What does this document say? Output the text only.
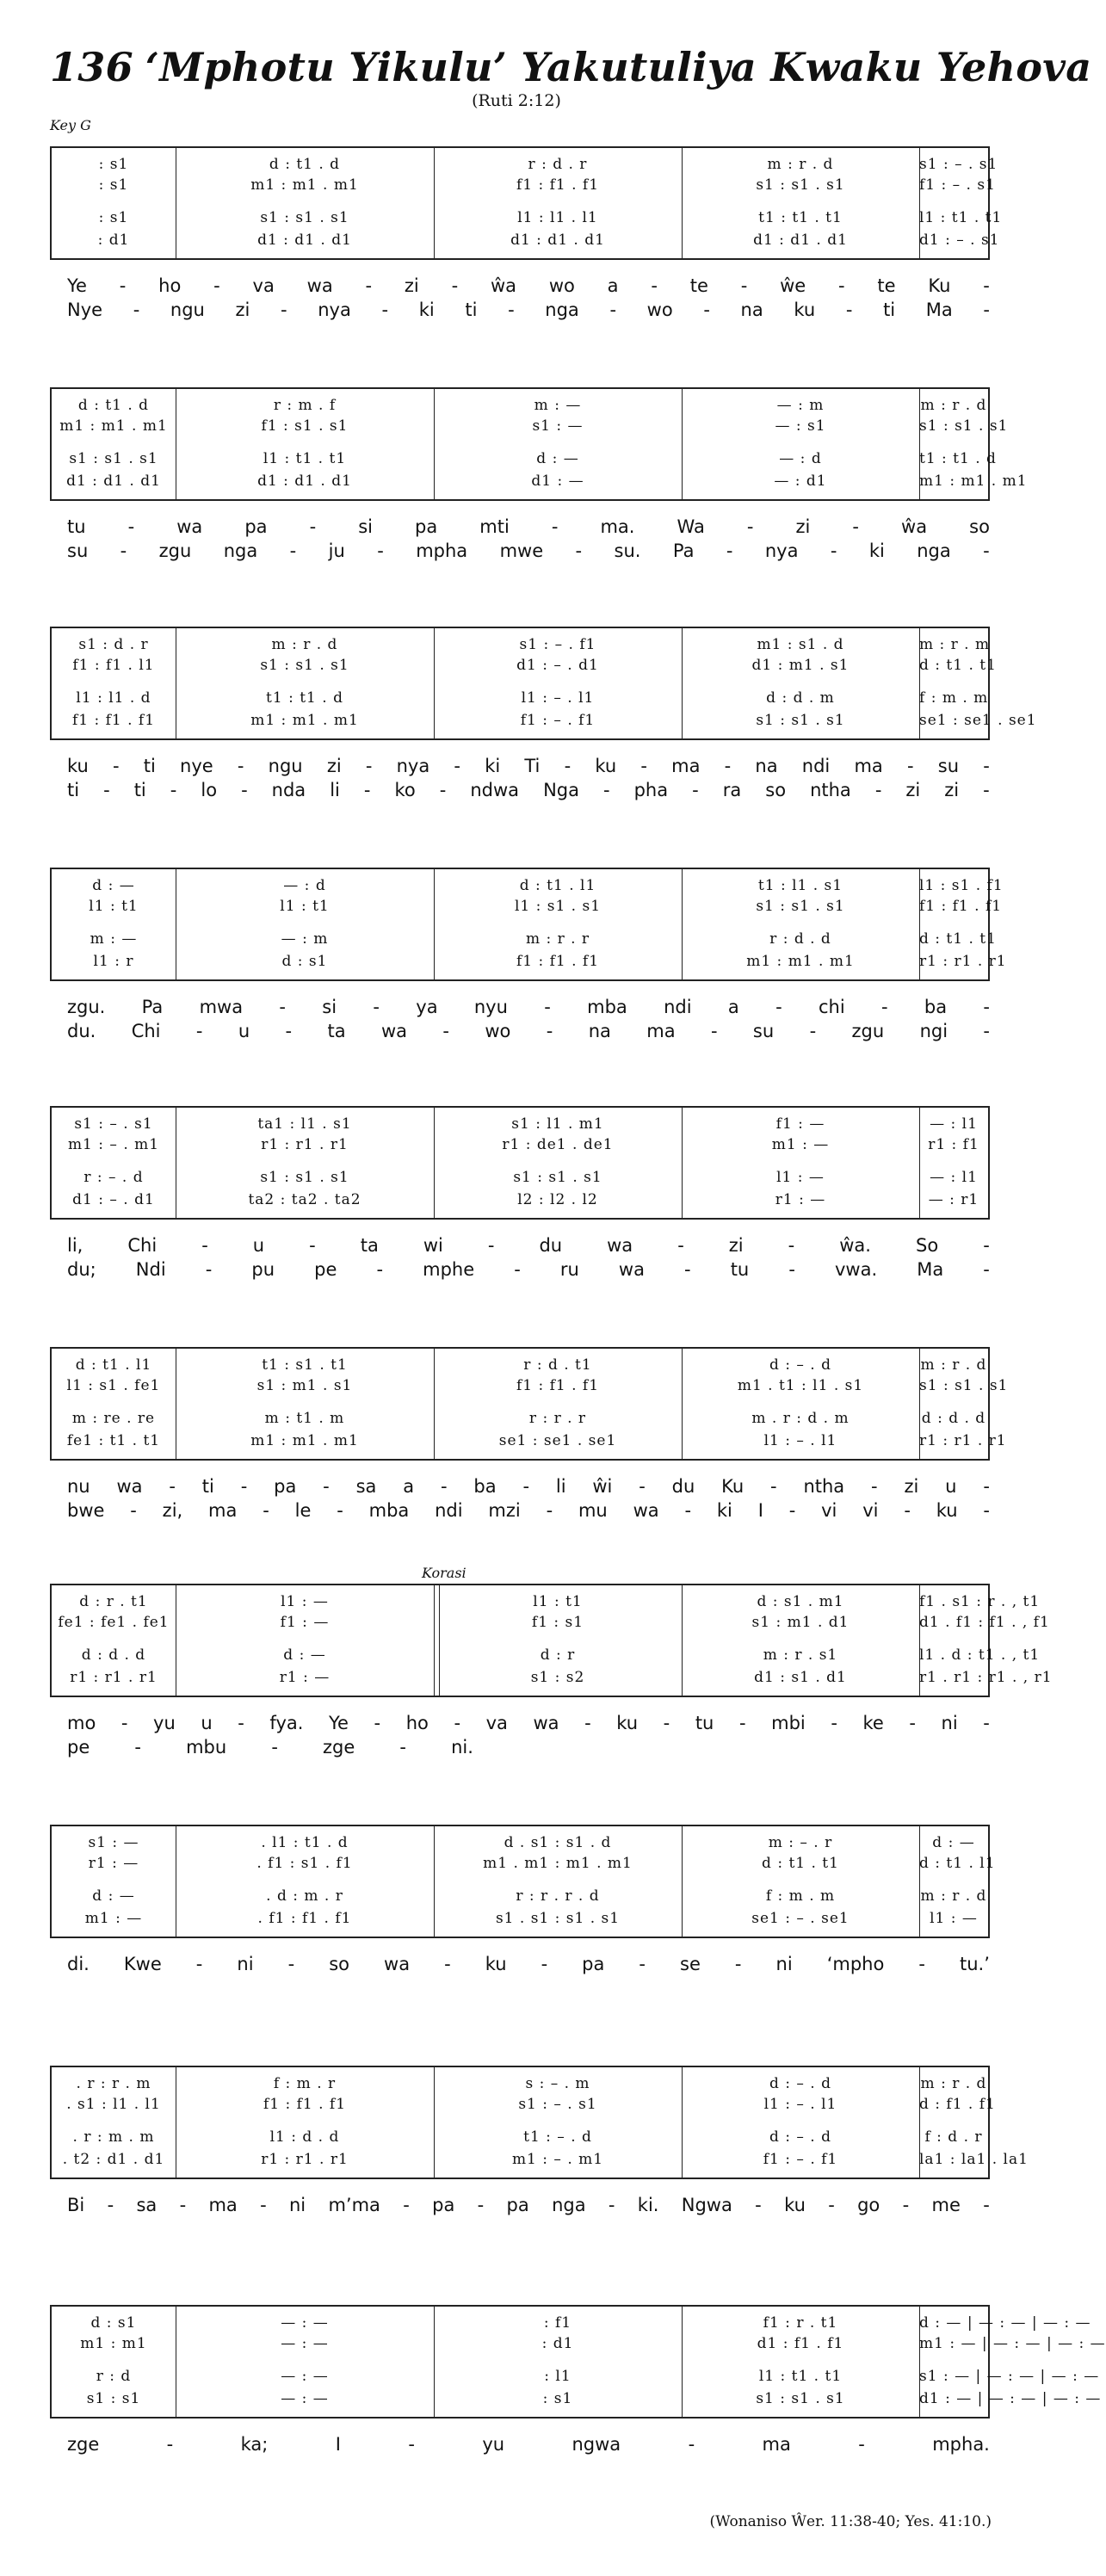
136 ‘Mphotu Yikulu’ Yakutuliya Kwaku Yehova
(Ruti 2:12)
Key G
Korasi
: s1	d : t1 . d	r : d . r	m : r . d	s1 : – . s1
: s1	m1 : m1 . m1	f1 : f1 . f1	s1 : s1 . s1	f1 : – . s1
: s1	s1 : s1 . s1	l1 : l1 . l1	t1 : t1 . t1	l1 : t1 . t1
: d1	d1 : d1 . d1	d1 : d1 . d1	d1 : d1 . d1	d1 : – . s1
Ye - ho - va wa - zi - ŵa wo a - te - ŵe - te Ku -
Nye - ngu zi - nya - ki ti - nga - wo - na ku - ti Ma -
d : t1 . d	r : m . f	m : —	— : m	m : r . d
m1 : m1 . m1	f1 : s1 . s1	s1 : —	— : s1	s1 : s1 . s1
s1 : s1 . s1	l1 : t1 . t1	d : —	— : d	t1 : t1 . d
d1 : d1 . d1	d1 : d1 . d1	d1 : —	— : d1	m1 : m1 . m1
tu - wa pa - si pa mti - ma. Wa - zi - ŵa so
su - zgu nga - ju - mpha mwe - su. Pa - nya - ki nga -
s1 : d . r	m : r . d	s1 : – . f1	m1 : s1 . d	m : r . m
f1 : f1 . l1	s1 : s1 . s1	d1 : – . d1	d1 : m1 . s1	d : t1 . t1
l1 : l1 . d	t1 : t1 . d	l1 : – . l1	d : d . m	f : m . m
f1 : f1 . f1	m1 : m1 . m1	f1 : – . f1	s1 : s1 . s1	se1 : se1 . se1
ku - ti nye - ngu zi - nya - ki Ti - ku - ma - na ndi ma - su -
ti - ti - lo - nda li - ko - ndwa Nga - pha - ra so ntha - zi zi -
d : —	— : d	d : t1 . l1	t1 : l1 . s1	l1 : s1 . f1
l1 : t1	l1 : t1	l1 : s1 . s1	s1 : s1 . s1	f1 : f1 . f1
m : —	— : m	m : r . r	r : d . d	d : t1 . t1
l1 : r	d : s1	f1 : f1 . f1	m1 : m1 . m1	r1 : r1 . r1
zgu. Pa mwa - si - ya nyu - mba ndi a - chi - ba -
du. Chi - u - ta wa - wo - na ma - su - zgu ngi -
s1 : – . s1	ta1 : l1 . s1	s1 : l1 . m1	f1 : —	— : l1
m1 : – . m1	r1 : r1 . r1	r1 : de1 . de1	m1 : —	r1 : f1
r : – . d	s1 : s1 . s1	s1 : s1 . s1	l1 : —	— : l1
d1 : – . d1	ta2 : ta2 . ta2	l2 : l2 . l2	r1 : —	— : r1
li, Chi - u - ta wi - du wa - zi - ŵa. So -
du; Ndi - pu pe - mphe - ru wa - tu - vwa. Ma -
d : t1 . l1	t1 : s1 . t1	r : d . t1	d : – . d	m : r . d
l1 : s1 . fe1	s1 : m1 . s1	f1 : f1 . f1	m1 . t1 : l1 . s1	s1 : s1 . s1
m : re . re	m : t1 . m	r : r . r	m . r : d . m	d : d . d
fe1 : t1 . t1	m1 : m1 . m1	se1 : se1 . se1	l1 : – . l1	r1 : r1 . r1
nu wa - ti - pa - sa a - ba - li ŵi - du Ku - ntha - zi u -
bwe - zi, ma - le - mba ndi mzi - mu wa - ki I - vi vi - ku -
d : r . t1	l1 : —	l1 : t1	d : s1 . m1	f1 . s1 : r . , t1
fe1 : fe1 . fe1	f1 : —	f1 : s1	s1 : m1 . d1	d1 . f1 : f1 . , f1
d : d . d	d : —	d : r	m : r . s1	l1 . d : t1 . , t1
r1 : r1 . r1	r1 : —	s1 : s2	d1 : s1 . d1	r1 . r1 : r1 . , r1
mo - yu u - fya. Ye - ho - va wa - ku - tu - mbi - ke - ni -
pe - mbu - zge - ni.
s1 : —	. l1 : t1 . d	d . s1 : s1 . d	m : – . r	d : —
r1 : —	. f1 : s1 . f1	m1 . m1 : m1 . m1	d : t1 . t1	d : t1 . l1
d : —	. d : m . r	r : r . r . d	f : m . m	m : r . d
m1 : —	. f1 : f1 . f1	s1 . s1 : s1 . s1	se1 : – . se1	l1 : —
di. Kwe - ni - so wa - ku - pa - se - ni ‘mpho - tu.’
. r : r . m	f : m . r	s : – . m	d : – . d	m : r . d
. s1 : l1 . l1	f1 : f1 . f1	s1 : – . s1	l1 : – . l1	d : f1 . f1
. r : m . m	l1 : d . d	t1 : – . d	d : – . d	f : d . r
. t2 : d1 . d1	r1 : r1 . r1	m1 : – . m1	f1 : – . f1	la1 : la1 . la1
Bi - sa - ma - ni m’ma - pa - pa nga - ki. Ngwa - ku - go - me -
d : s1	— : —	: f1	f1 : r . t1	d : — | — : — | — : —
m1 : m1	— : —	: d1	d1 : f1 . f1	m1 : — | — : — | — : —
r : d	— : —	: l1	l1 : t1 . t1	s1 : — | — : — | — : —
s1 : s1	— : —	: s1	s1 : s1 . s1	d1 : — | — : — | — : —
zge	-	ka;	I	-	yu	ngwa	-	ma	-	mpha.
(Wonaniso Ŵer. 11:38-40; Yes. 41:10.)
